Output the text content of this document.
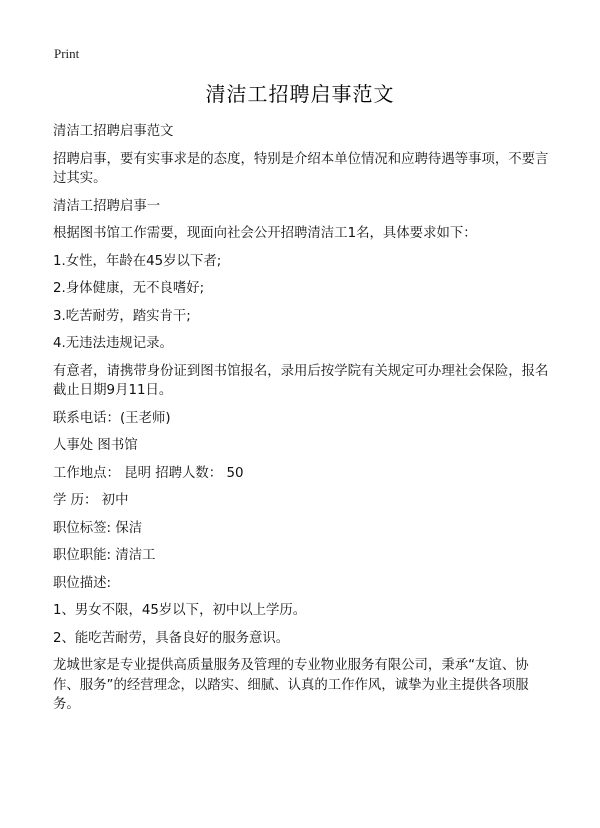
Print
清洁工招聘启事范文

清洁工招聘启事范文

招聘启事，要有实事求是的态度，特别是介绍本单位情况和应聘待遇等事项，不要言过其实。

清洁工招聘启事一

根据图书馆工作需要，现面向社会公开招聘清洁工1名，具体要求如下：

1.女性，年龄在45岁以下者;

2.身体健康，无不良嗜好;

3.吃苦耐劳，踏实肯干;

4.无违法违规记录。

有意者，请携带身份证到图书馆报名，录用后按学院有关规定可办理社会保险，报名截止日期9月11日。

联系电话：(王老师)

人事处 图书馆

工作地点： 昆明 招聘人数： 50

学 历： 初中

职位标签: 保洁

职位职能: 清洁工

职位描述:

1、男女不限，45岁以下，初中以上学历。

2、能吃苦耐劳，具备良好的服务意识。

龙城世家是专业提供高质量服务及管理的专业物业服务有限公司，秉承“友谊、协作、服务”的经营理念，以踏实、细腻、认真的工作作风，诚挚为业主提供各项服务。
